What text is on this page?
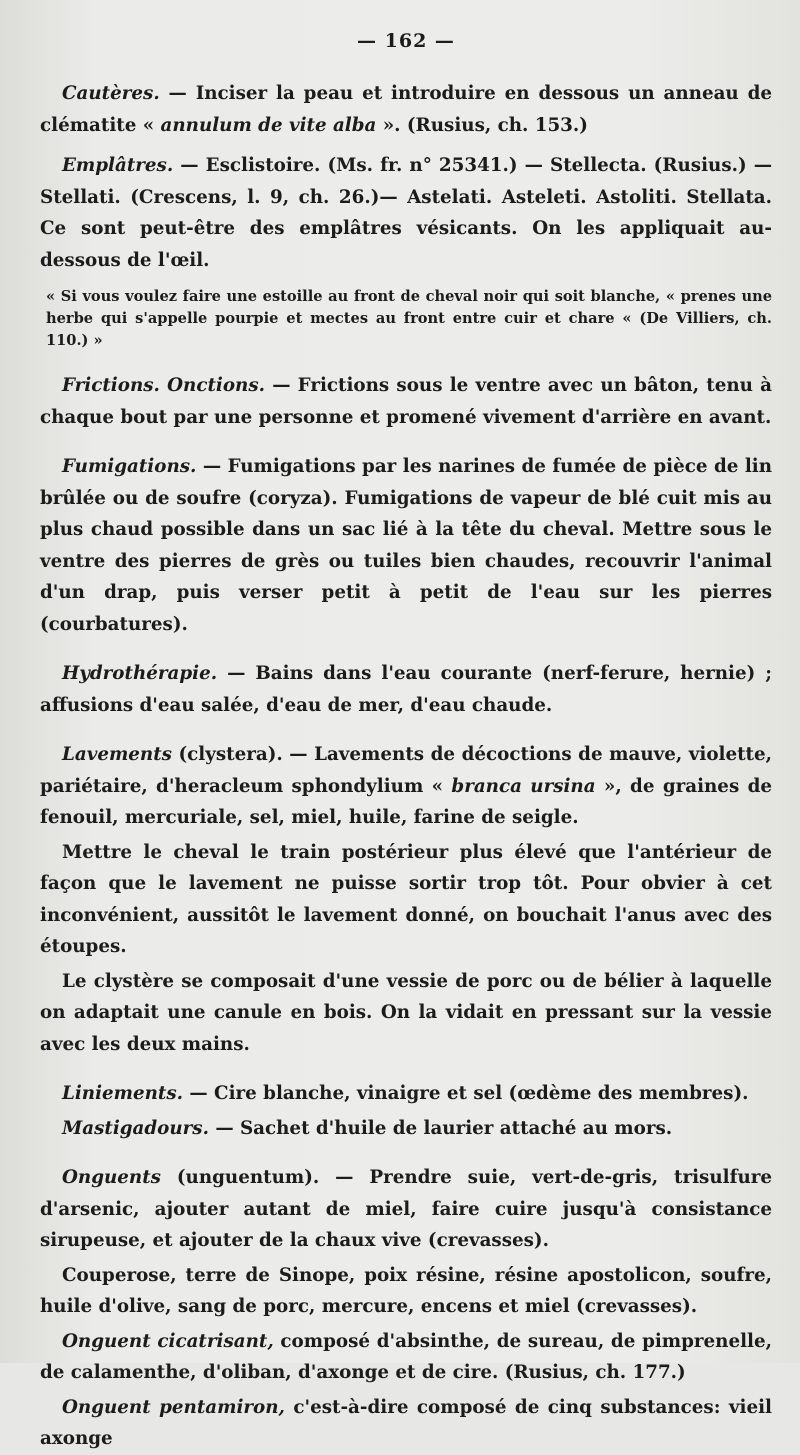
— 162 —

Cautères. — Inciser la peau et introduire en dessous un anneau de clématite « annulum de vite alba ». (Rusius, ch. 153.)

Emplâtres. — Esclistoire. (Ms. fr. n° 25341.) — Stellecta. (Rusius.) — Stellati. (Crescens, l. 9, ch. 26.)— Astelati. Asteleti. Astoliti. Stellata. Ce sont peut-être des emplâtres vésicants. On les appliquait au-dessous de l'œil.

« Si vous voulez faire une estoille au front de cheval noir qui soit blanche, « prenes une herbe qui s'appelle pourpie et mectes au front entre cuir et chare « (De Villiers, ch. 110.) »

Frictions. Onctions. — Frictions sous le ventre avec un bâton, tenu à chaque bout par une personne et promené vivement d'arrière en avant.

Fumigations. — Fumigations par les narines de fumée de pièce de lin brûlée ou de soufre (coryza). Fumigations de vapeur de blé cuit mis au plus chaud possible dans un sac lié à la tête du cheval. Mettre sous le ventre des pierres de grès ou tuiles bien chaudes, recouvrir l'animal d'un drap, puis verser petit à petit de l'eau sur les pierres (courbatures).

Hydrothérapie. — Bains dans l'eau courante (nerf-ferure, hernie) ; affusions d'eau salée, d'eau de mer, d'eau chaude.

Lavements (clystera). — Lavements de décoctions de mauve, violette, pariétaire, d'heracleum sphondylium « branca ursina », de graines de fenouil, mercuriale, sel, miel, huile, farine de seigle.

Mettre le cheval le train postérieur plus élevé que l'antérieur de façon que le lavement ne puisse sortir trop tôt. Pour obvier à cet inconvénient, aussitôt le lavement donné, on bouchait l'anus avec des étoupes.

Le clystère se composait d'une vessie de porc ou de bélier à laquelle on adaptait une canule en bois. On la vidait en pressant sur la vessie avec les deux mains.

Liniements. — Cire blanche, vinaigre et sel (œdème des membres).

Mastigadours. — Sachet d'huile de laurier attaché au mors.

Onguents (unguentum). — Prendre suie, vert-de-gris, trisulfure d'arsenic, ajouter autant de miel, faire cuire jusqu'à consistance sirupeuse, et ajouter de la chaux vive (crevasses).

Couperose, terre de Sinope, poix résine, résine apostolicon, soufre, huile d'olive, sang de porc, mercure, encens et miel (crevasses).

Onguent cicatrisant, composé d'absinthe, de sureau, de pimprenelle, de calamenthe, d'oliban, d'axonge et de cire. (Rusius, ch. 177.)

Onguent pentamiron, c'est-à-dire composé de cinq substances: vieil axonge
